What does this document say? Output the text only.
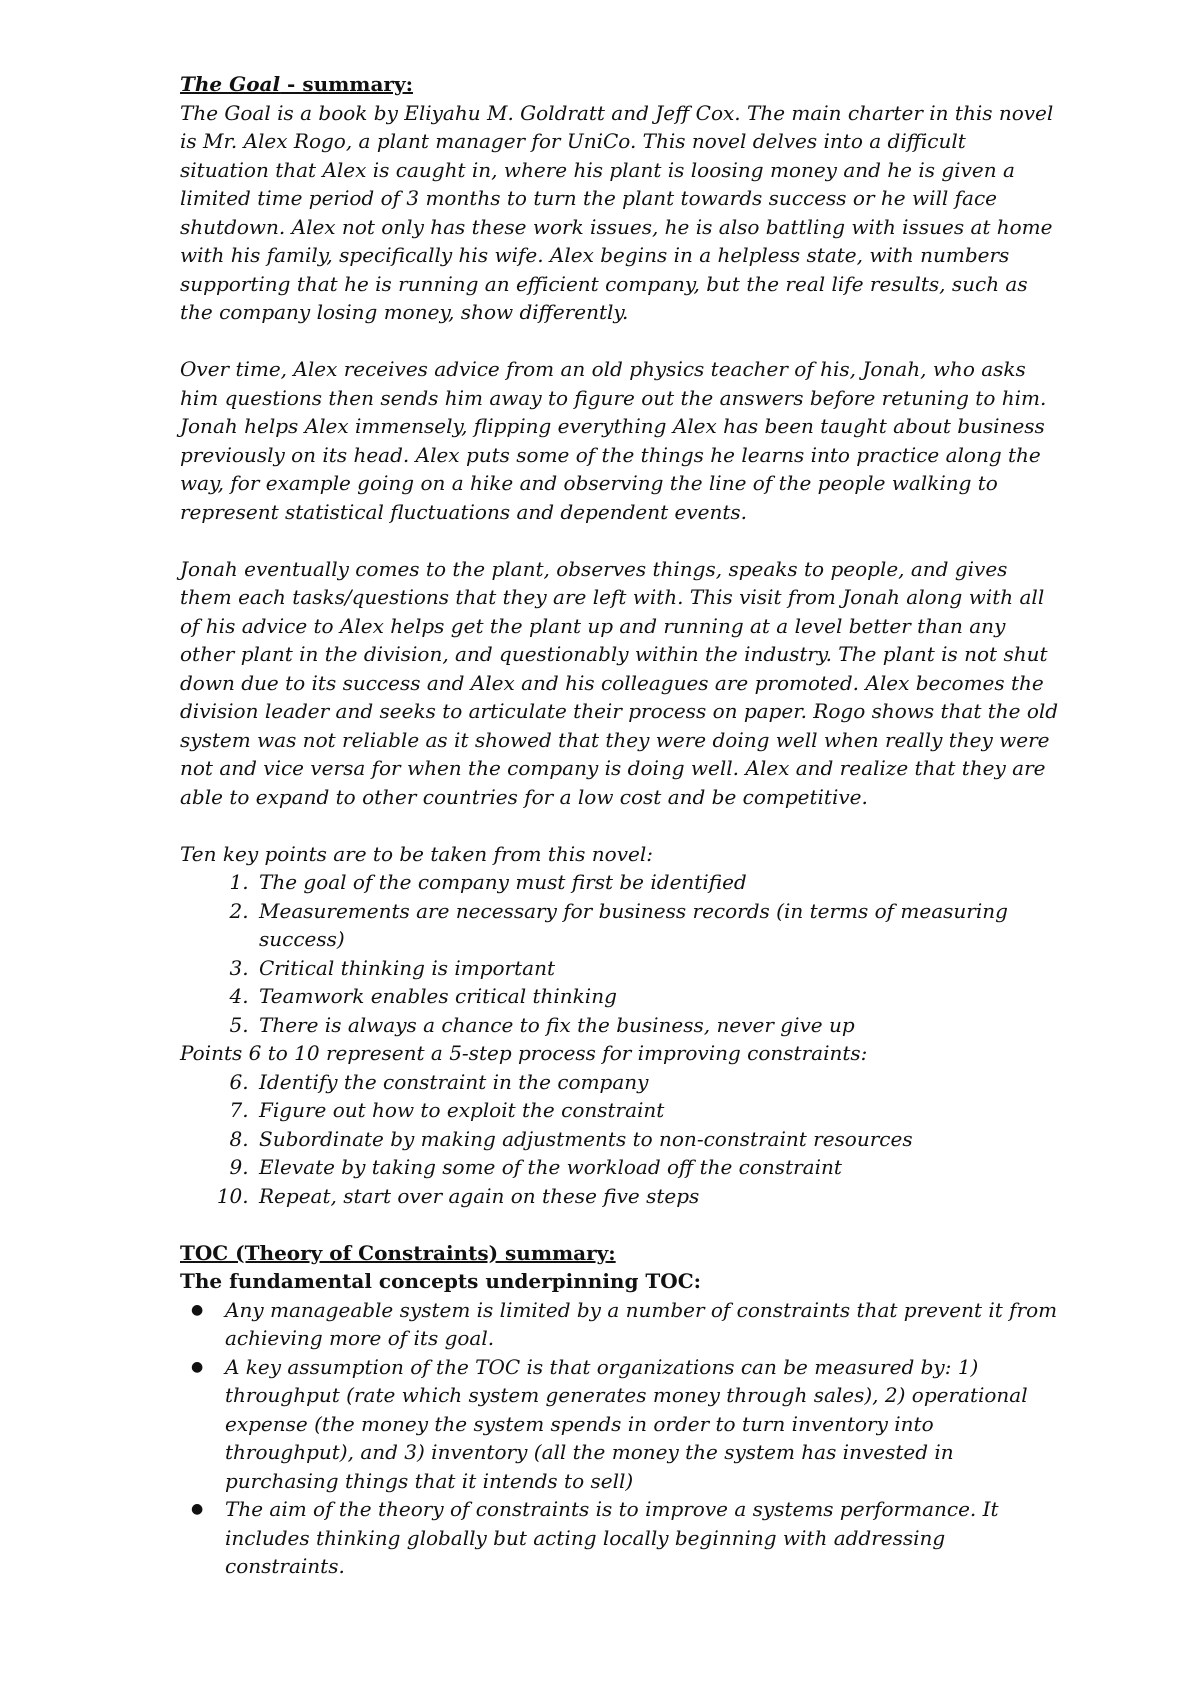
The Goal - summary:

The Goal is a book by Eliyahu M. Goldratt and Jeff Cox. The main charter in this novel is Mr. Alex Rogo, a plant manager for UniCo. This novel delves into a difficult situation that Alex is caught in, where his plant is loosing money and he is given a limited time period of 3 months to turn the plant towards success or he will face shutdown. Alex not only has these work issues, he is also battling with issues at home with his family, specifically his wife. Alex begins in a helpless state, with numbers supporting that he is running an efficient company, but the real life results, such as the company losing money, show differently.

Over time, Alex receives advice from an old physics teacher of his, Jonah, who asks him questions then sends him away to figure out the answers before retuning to him. Jonah helps Alex immensely, flipping everything Alex has been taught about business previously on its head. Alex puts some of the things he learns into practice along the way, for example going on a hike and observing the line of the people walking to represent statistical fluctuations and dependent events.

Jonah eventually comes to the plant, observes things, speaks to people, and gives them each tasks/questions that they are left with. This visit from Jonah along with all of his advice to Alex helps get the plant up and running at a level better than any other plant in the division, and questionably within the industry. The plant is not shut down due to its success and Alex and his colleagues are promoted. Alex becomes the division leader and seeks to articulate their process on paper. Rogo shows that the old system was not reliable as it showed that they were doing well when really they were not and vice versa for when the company is doing well. Alex and realize that they are able to expand to other countries for a low cost and be competitive.

Ten key points are to be taken from this novel:

1. The goal of the company must first be identified
2. Measurements are necessary for business records (in terms of measuring success)
3. Critical thinking is important
4. Teamwork enables critical thinking
5. There is always a chance to fix the business, never give up

Points 6 to 10 represent a 5-step process for improving constraints:

6. Identify the constraint in the company
7. Figure out how to exploit the constraint
8. Subordinate by making adjustments to non-constraint resources
9. Elevate by taking some of the workload off the constraint
10. Repeat, start over again on these five steps

TOC (Theory of Constraints) summary:

The fundamental concepts underpinning TOC:

● Any manageable system is limited by a number of constraints that prevent it from achieving more of its goal.
● A key assumption of the TOC is that organizations can be measured by: 1) throughput (rate which system generates money through sales), 2) operational expense (the money the system spends in order to turn inventory into throughput), and 3) inventory (all the money the system has invested in purchasing things that it intends to sell)
● The aim of the theory of constraints is to improve a systems performance. It includes thinking globally but acting locally beginning with addressing constraints.
